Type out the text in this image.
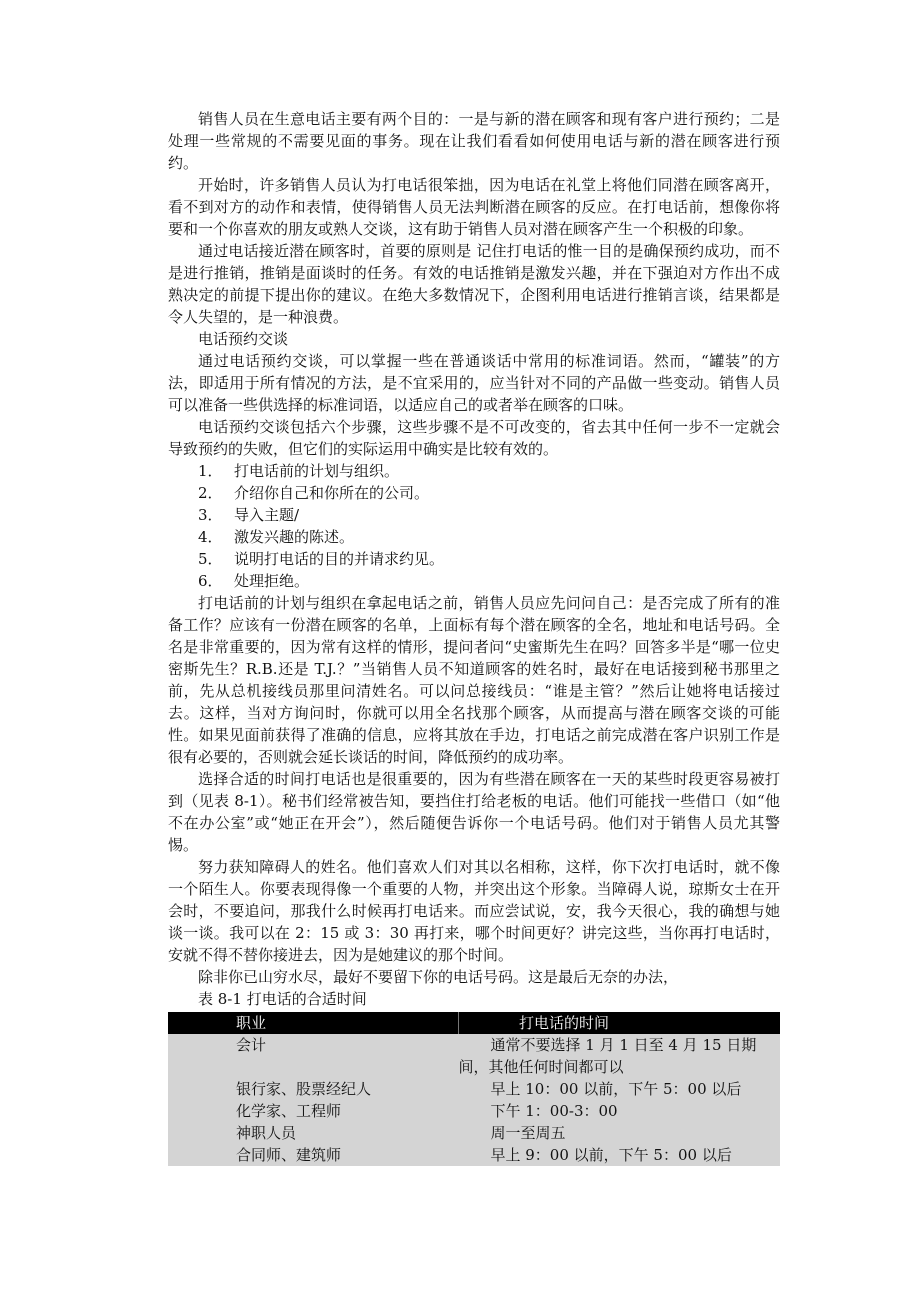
销售人员在生意电话主要有两个目的：一是与新的潜在顾客和现有客户进行预约；二是处理一些常规的不需要见面的事务。现在让我们看看如何使用电话与新的潜在顾客进行预约。

开始时，许多销售人员认为打电话很笨拙，因为电话在礼堂上将他们同潜在顾客离开，看不到对方的动作和表情，使得销售人员无法判断潜在顾客的反应。在打电话前，想像你将要和一个你喜欢的朋友或熟人交谈，这有助于销售人员对潜在顾客产生一个积极的印象。

通过电话接近潜在顾客时，首要的原则是 记住打电话的惟一目的是确保预约成功，而不是进行推销，推销是面谈时的任务。有效的电话推销是激发兴趣，并在下强迫对方作出不成熟决定的前提下提出你的建议。在绝大多数情况下，企图利用电话进行推销言谈，结果都是令人失望的，是一种浪费。

电话预约交谈

通过电话预约交谈，可以掌握一些在普通谈话中常用的标准词语。然而，“罐装”的方法，即适用于所有情况的方法，是不宜采用的，应当针对不同的产品做一些变动。销售人员可以准备一些供选择的标准词语，以适应自己的或者举在顾客的口味。

电话预约交谈包括六个步骤，这些步骤不是不可改变的，省去其中任何一步不一定就会导致预约的失败，但它们的实际运用中确实是比较有效的。

1． 打电话前的计划与组织。

2． 介绍你自己和你所在的公司。

3． 导入主题/

4． 激发兴趣的陈述。

5． 说明打电话的目的并请求约见。

6． 处理拒绝。

打电话前的计划与组织在拿起电话之前，销售人员应先问问自己：是否完成了所有的准备工作？应该有一份潜在顾客的名单，上面标有每个潜在顾客的全名，地址和电话号码。全名是非常重要的，因为常有这样的情形，提问者问“史蜜斯先生在吗？回答多半是“哪一位史密斯先生？R.B.还是 T.J.？”当销售人员不知道顾客的姓名时，最好在电话接到秘书那里之前，先从总机接线员那里问清姓名。可以问总接线员：“谁是主管？”然后让她将电话接过去。这样，当对方询问时，你就可以用全名找那个顾客，从而提高与潜在顾客交谈的可能性。如果见面前获得了准确的信息，应将其放在手边，打电话之前完成潜在客户识别工作是很有必要的，否则就会延长谈话的时间，降低预约的成功率。

选择合适的时间打电话也是很重要的，因为有些潜在顾客在一天的某些时段更容易被打到（见表 8-1）。秘书们经常被告知，要挡住打给老板的电话。他们可能找一些借口（如“他不在办公室”或“她正在开会”），然后随便告诉你一个电话号码。他们对于销售人员尤其警惕。

努力获知障碍人的姓名。他们喜欢人们对其以名相称，这样，你下次打电话时，就不像一个陌生人。你要表现得像一个重要的人物，并突出这个形象。当障碍人说，琼斯女士在开会时，不要追问，那我什么时候再打电话来。而应尝试说，安，我今天很心，我的确想与她谈一谈。我可以在 2：15 或 3：30 再打来，哪个时间更好？讲完这些，当你再打电话时，安就不得不替你接进去，因为是她建议的那个时间。

除非你已山穷水尽，最好不要留下你的电话号码。这是最后无奈的办法，

表 8-1 打电话的合适时间

职业	打电话的时间
会计	通常不要选择 1 月 1 日至 4 月 15 日期间，其他任何时间都可以

银行家、股票经纪人	早上 10：00 以前，下午 5：00 以后

化学家、工程师	下午 1：00-3：00

神职人员	周一至周五

合同师、建筑师	早上 9：00 以前，下午 5：00 以后
